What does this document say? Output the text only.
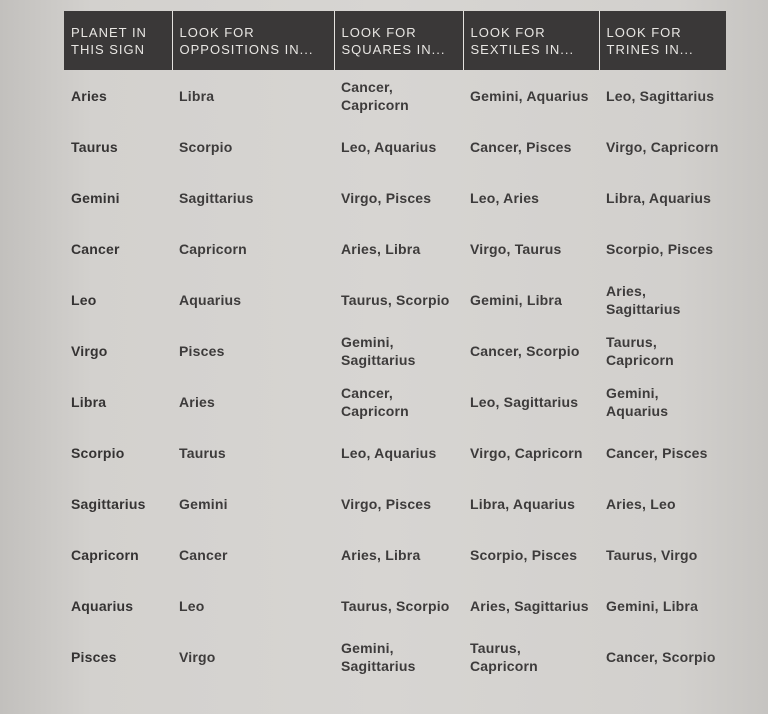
PLANET IN THIS SIGN	LOOK FOR OPPOSITIONS IN...	LOOK FOR SQUARES IN...	LOOK FOR SEXTILES IN...	LOOK FOR TRINES IN...
Aries	Libra	Cancer, Capricorn	Gemini, Aquarius	Leo, Sagittarius
Taurus	Scorpio	Leo, Aquarius	Cancer, Pisces	Virgo, Capricorn
Gemini	Sagittarius	Virgo, Pisces	Leo, Aries	Libra, Aquarius
Cancer	Capricorn	Aries, Libra	Virgo, Taurus	Scorpio, Pisces
Leo	Aquarius	Taurus, Scorpio	Gemini, Libra	Aries, Sagittarius
Virgo	Pisces	Gemini, Sagittarius	Cancer, Scorpio	Taurus, Capricorn
Libra	Aries	Cancer, Capricorn	Leo, Sagittarius	Gemini, Aquarius
Scorpio	Taurus	Leo, Aquarius	Virgo, Capricorn	Cancer, Pisces
Sagittarius	Gemini	Virgo, Pisces	Libra, Aquarius	Aries, Leo
Capricorn	Cancer	Aries, Libra	Scorpio, Pisces	Taurus, Virgo
Aquarius	Leo	Taurus, Scorpio	Aries, Sagittarius	Gemini, Libra
Pisces	Virgo	Gemini, Sagittarius	Taurus, Capricorn	Cancer, Scorpio
